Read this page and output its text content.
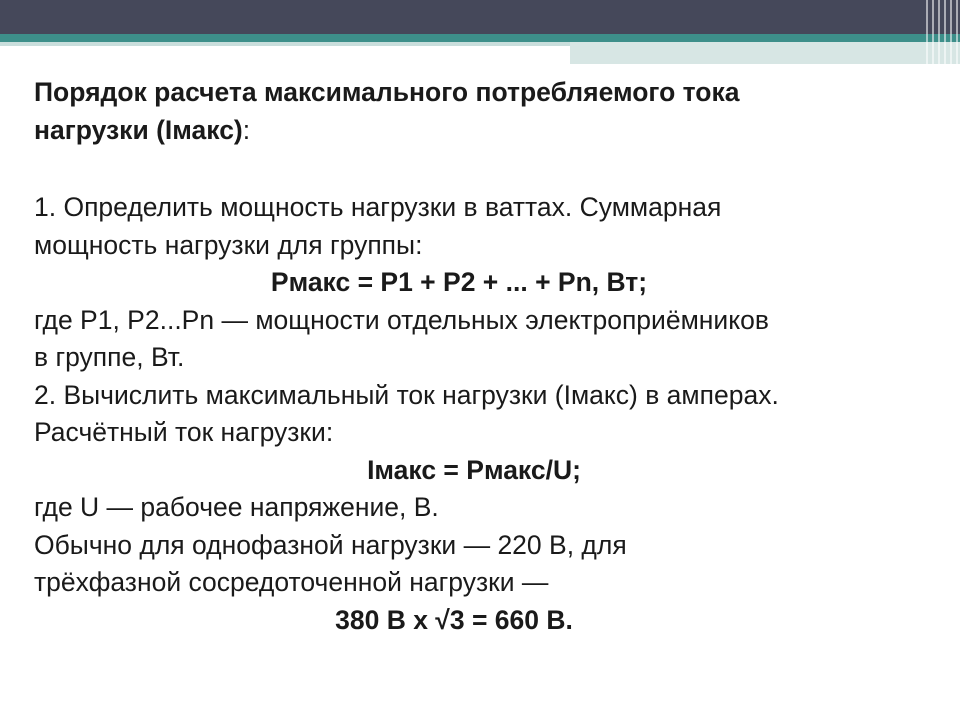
Порядок расчета максимального потребляемого тока
нагрузки (Iмакс):
1. Определить мощность нагрузки в ваттах. Суммарная
мощность нагрузки для группы:
Pмакс = P1 + P2 + ... + Pn, Вт;
где P1, P2...Pn — мощности отдельных электроприёмников
в группе, Вт.
2. Вычислить максимальный ток нагрузки (Iмакс) в амперах.
Расчётный ток нагрузки:
Iмакс = Pмакс/U;
где U — рабочее напряжение, В.
Обычно для однофазной нагрузки — 220 В, для
трёхфазной сосредоточенной нагрузки —
380 В х √3 = 660 В.
